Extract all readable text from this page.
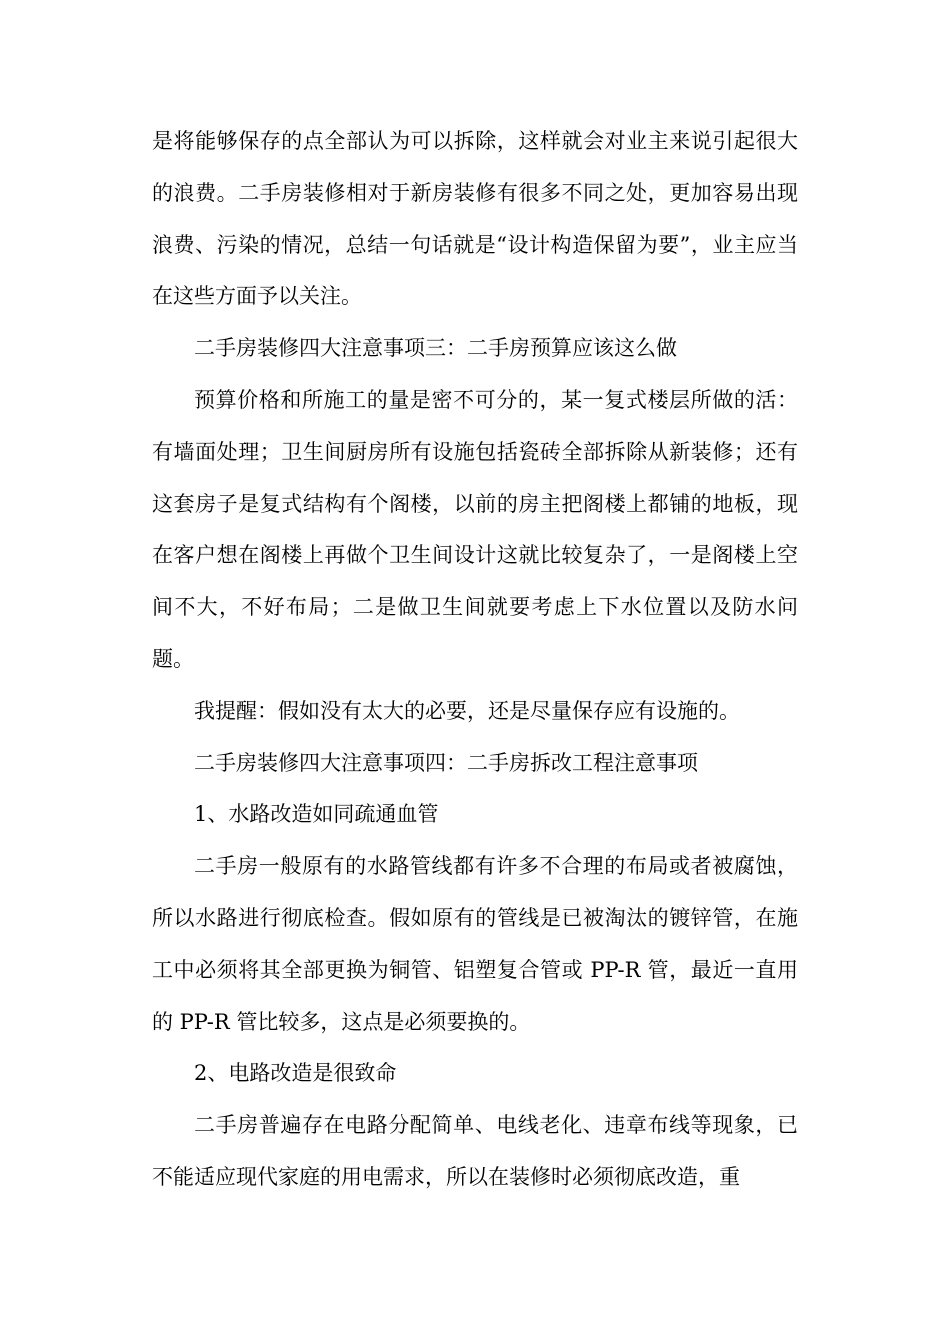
是将能够保存的点全部认为可以拆除，这样就会对业主来说引起很大的浪费。二手房装修相对于新房装修有很多不同之处，更加容易出现浪费、污染的情况，总结一句话就是“设计构造保留为要”，业主应当在这些方面予以关注。

二手房装修四大注意事项三：二手房预算应该这么做

预算价格和所施工的量是密不可分的，某一复式楼层所做的活：有墙面处理；卫生间厨房所有设施包括瓷砖全部拆除从新装修；还有这套房子是复式结构有个阁楼，以前的房主把阁楼上都铺的地板，现在客户想在阁楼上再做个卫生间设计这就比较复杂了，一是阁楼上空间不大，不好布局；二是做卫生间就要考虑上下水位置以及防水问题。

我提醒：假如没有太大的必要，还是尽量保存应有设施的。

二手房装修四大注意事项四：二手房拆改工程注意事项

1、水路改造如同疏通血管

二手房一般原有的水路管线都有许多不合理的布局或者被腐蚀，所以水路进行彻底检查。假如原有的管线是已被淘汰的镀锌管，在施工中必须将其全部更换为铜管、铝塑复合管或 PP-R 管，最近一直用的 PP-R 管比较多，这点是必须要换的。

2、电路改造是很致命

二手房普遍存在电路分配简单、电线老化、违章布线等现象，已不能适应现代家庭的用电需求，所以在装修时必须彻底改造，重
